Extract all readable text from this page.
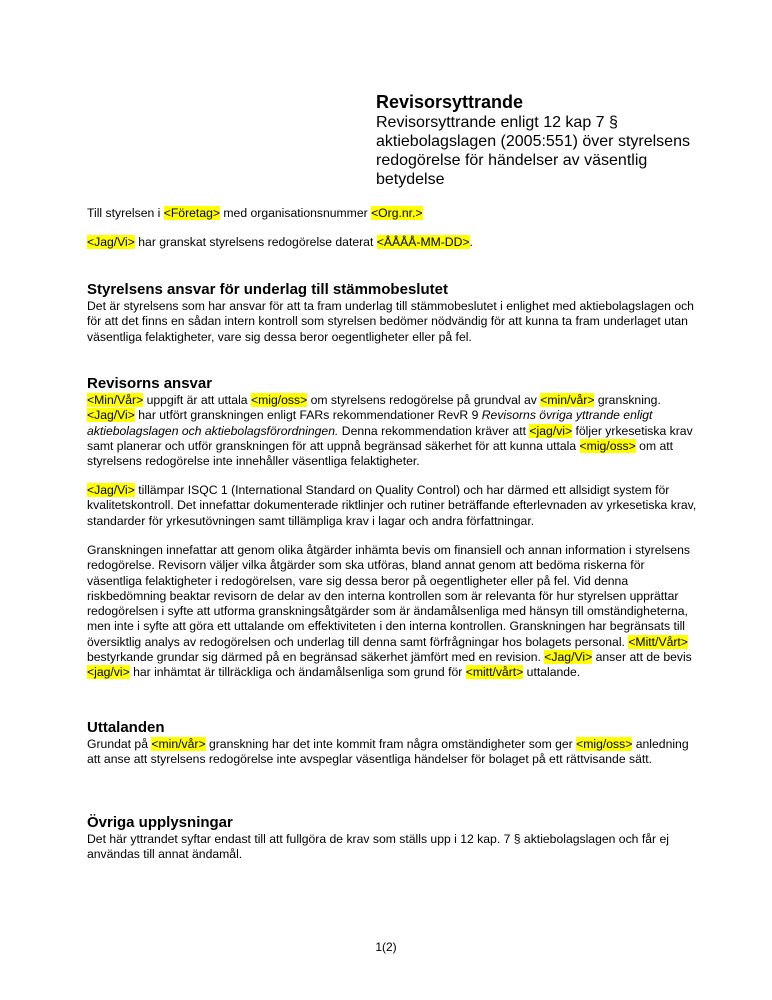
Revisorsyttrande

Revisorsyttrande enligt 12 kap 7 § aktiebolagslagen (2005:551) över styrelsens redogörelse för händelser av väsentlig betydelse

Till styrelsen i <Företag> med organisationsnummer <Org.nr.>

<Jag/Vi> har granskat styrelsens redogörelse daterat <ÅÅÅÅ-MM-DD>.

Styrelsens ansvar för underlag till stämmobeslutet

Det är styrelsens som har ansvar för att ta fram underlag till stämmobeslutet i enlighet med aktiebolagslagen och för att det finns en sådan intern kontroll som styrelsen bedömer nödvändig för att kunna ta fram underlaget utan väsentliga felaktigheter, vare sig dessa beror oegentligheter eller på fel.

Revisorns ansvar

<Min/Vår> uppgift är att uttala <mig/oss> om styrelsens redogörelse på grundval av <min/vår> granskning. <Jag/Vi> har utfört granskningen enligt FARs rekommendationer RevR 9 Revisorns övriga yttrande enligt aktiebolagslagen och aktiebolagsförordningen. Denna rekommendation kräver att <jag/vi> följer yrkesetiska krav samt planerar och utför granskningen för att uppnå begränsad säkerhet för att kunna uttala <mig/oss> om att styrelsens redogörelse inte innehåller väsentliga felaktigheter.

<Jag/Vi> tillämpar ISQC 1 (International Standard on Quality Control) och har därmed ett allsidigt system för kvalitetskontroll. Det innefattar dokumenterade riktlinjer och rutiner beträffande efterlevnaden av yrkesetiska krav, standarder för yrkesutövningen samt tillämpliga krav i lagar och andra författningar.

Granskningen innefattar att genom olika åtgärder inhämta bevis om finansiell och annan information i styrelsens redogörelse. Revisorn väljer vilka åtgärder som ska utföras, bland annat genom att bedöma riskerna för väsentliga felaktigheter i redogörelsen, vare sig dessa beror på oegentligheter eller på fel. Vid denna riskbedömning beaktar revisorn de delar av den interna kontrollen som är relevanta för hur styrelsen upprättar redogörelsen i syfte att utforma granskningsåtgärder som är ändamålsenliga med hänsyn till omständigheterna, men inte i syfte att göra ett uttalande om effektiviteten i den interna kontrollen. Granskningen har begränsats till översiktlig analys av redogörelsen och underlag till denna samt förfrågningar hos bolagets personal. <Mitt/Vårt> bestyrkande grundar sig därmed på en begränsad säkerhet jämfört med en revision. <Jag/Vi> anser att de bevis <jag/vi> har inhämtat är tillräckliga och ändamålsenliga som grund för <mitt/vårt> uttalande.

Uttalanden

Grundat på <min/vår> granskning har det inte kommit fram några omständigheter som ger <mig/oss> anledning att anse att styrelsens redogörelse inte avspeglar väsentliga händelser för bolaget på ett rättvisande sätt.

Övriga upplysningar

Det här yttrandet syftar endast till att fullgöra de krav som ställs upp i 12 kap. 7 § aktiebolagslagen och får ej användas till annat ändamål.

1(2)
